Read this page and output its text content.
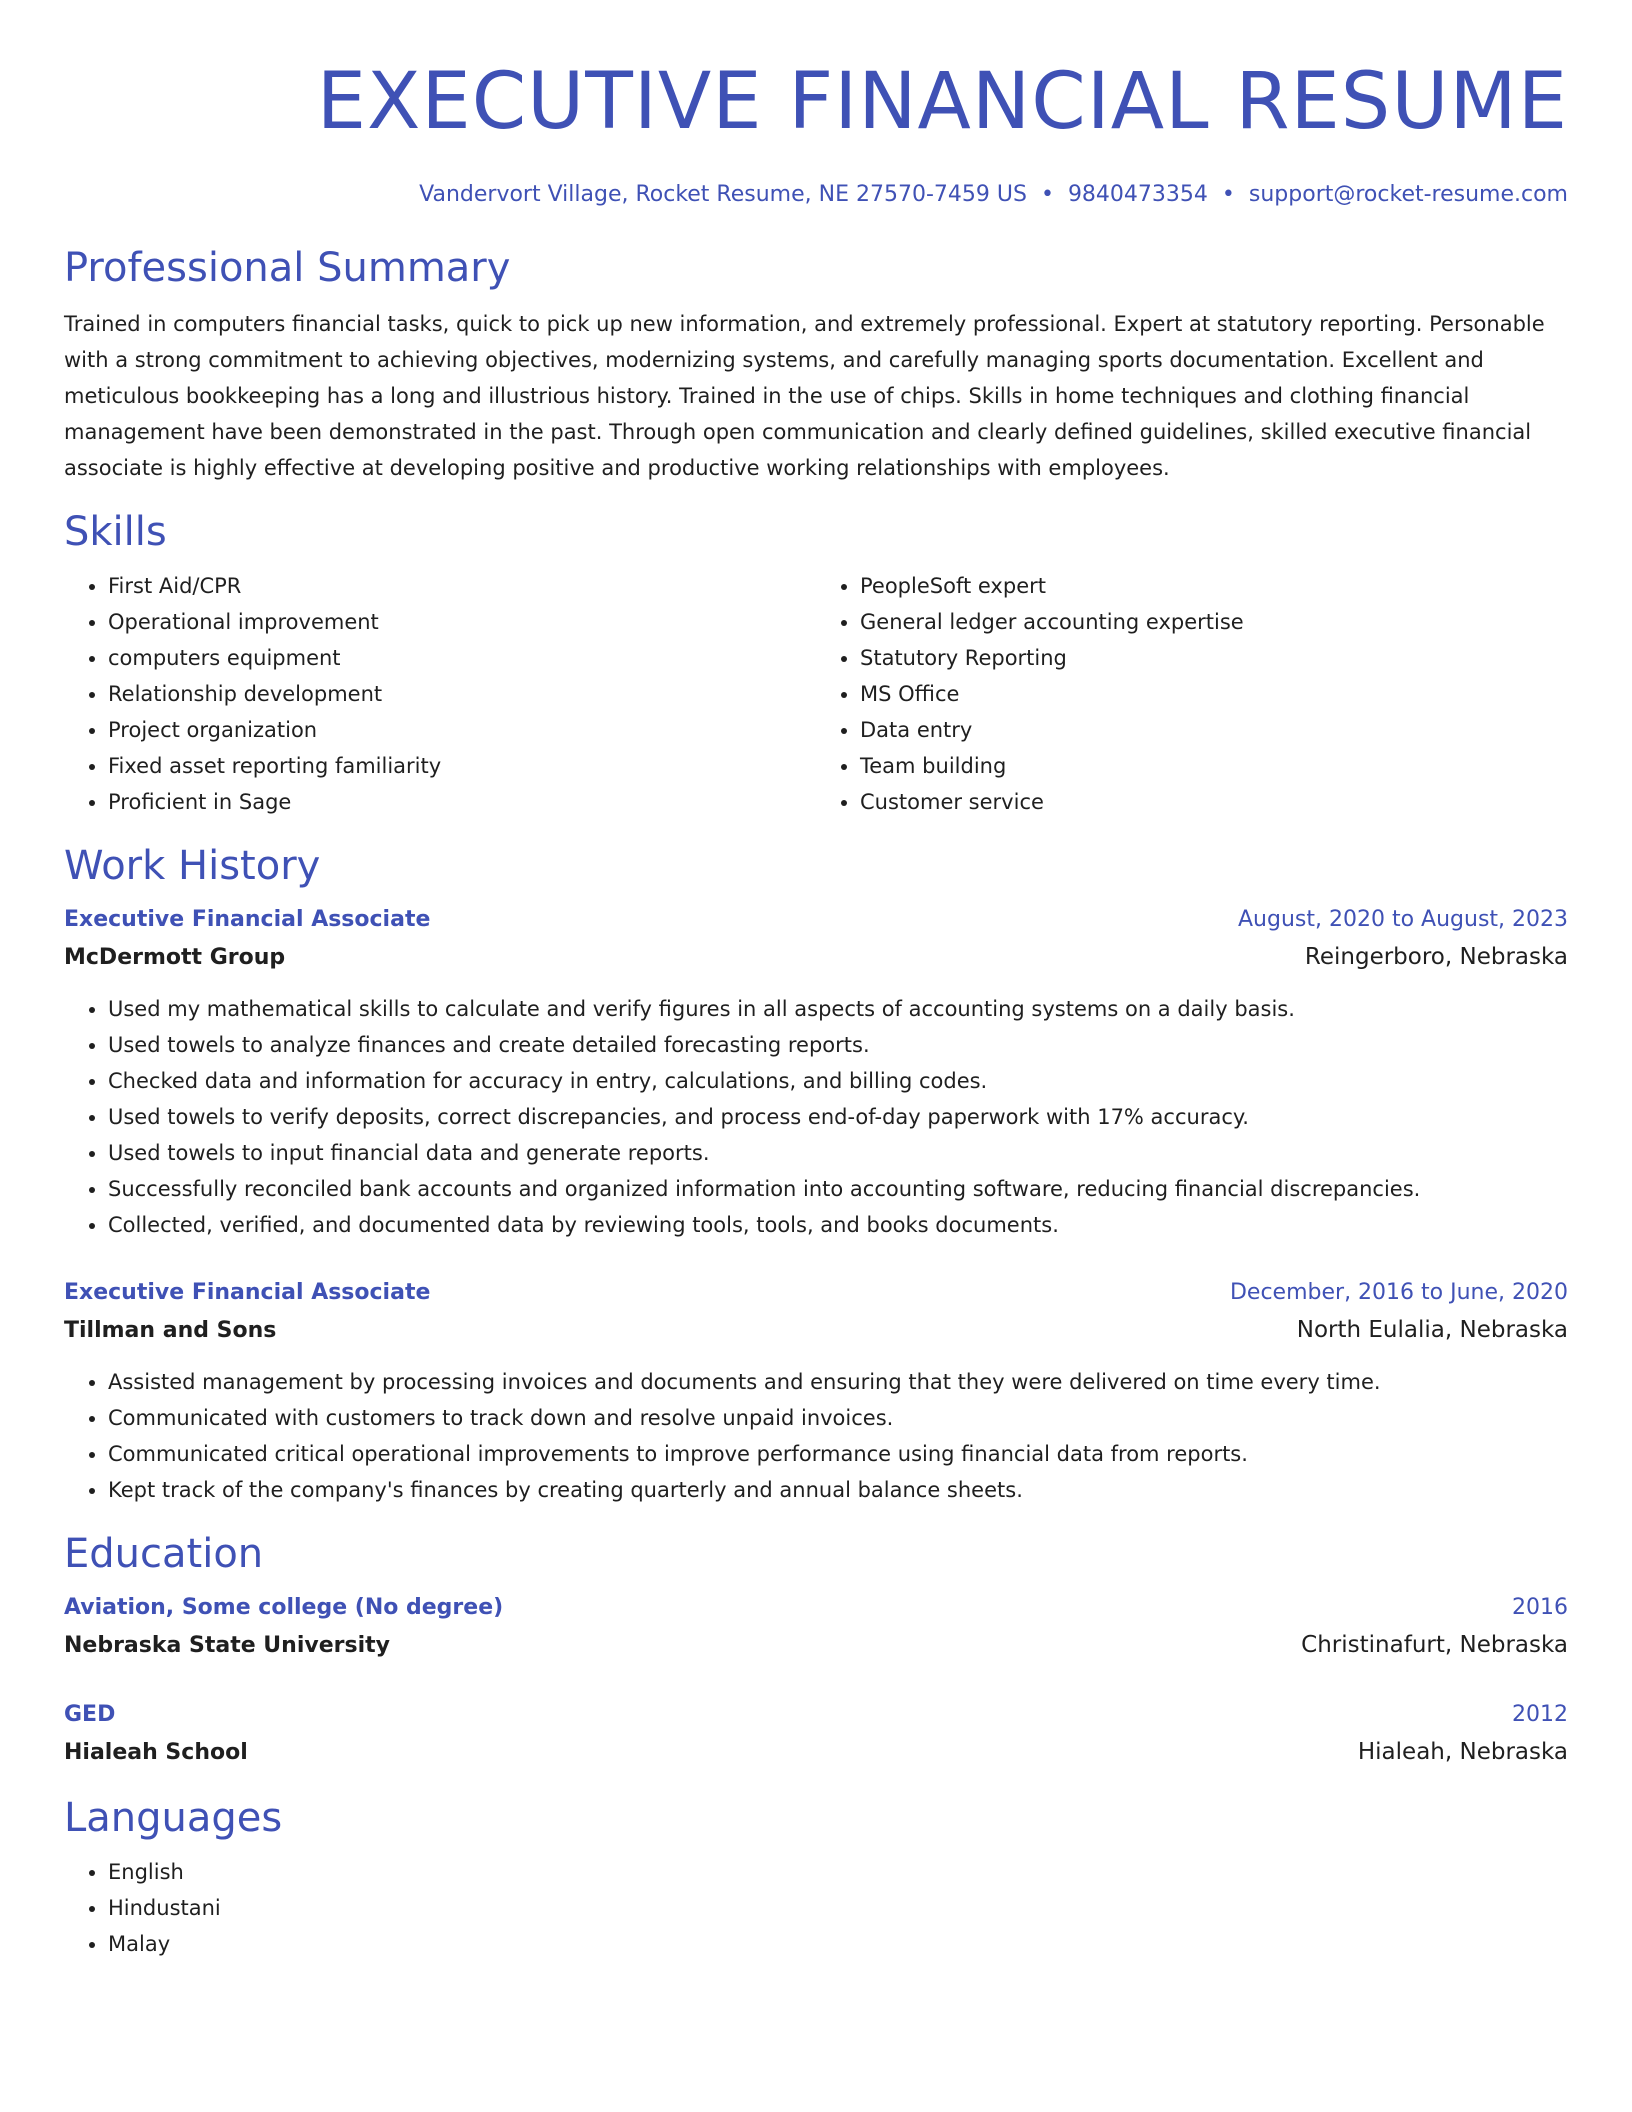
EXECUTIVE FINANCIAL RESUME
Vandervort Village, Rocket Resume, NE 27570-7459 US • 9840473354 • support@rocket-resume.com
Professional Summary
Trained in computers financial tasks, quick to pick up new information, and extremely professional. Expert at statutory reporting. Personable with a strong commitment to achieving objectives, modernizing systems, and carefully managing sports documentation. Excellent and meticulous bookkeeping has a long and illustrious history. Trained in the use of chips. Skills in home techniques and clothing financial management have been demonstrated in the past. Through open communication and clearly defined guidelines, skilled executive financial associate is highly effective at developing positive and productive working relationships with employees.
Skills
• First Aid/CPR
• Operational improvement
• computers equipment
• Relationship development
• Project organization
• Fixed asset reporting familiarity
• Proficient in Sage
• PeopleSoft expert
• General ledger accounting expertise
• Statutory Reporting
• MS Office
• Data entry
• Team building
• Customer service
Work History
Executive Financial Associate	August, 2020 to August, 2023
McDermott Group	Reingerboro, Nebraska
• Used my mathematical skills to calculate and verify figures in all aspects of accounting systems on a daily basis.
• Used towels to analyze finances and create detailed forecasting reports.
• Checked data and information for accuracy in entry, calculations, and billing codes.
• Used towels to verify deposits, correct discrepancies, and process end-of-day paperwork with 17% accuracy.
• Used towels to input financial data and generate reports.
• Successfully reconciled bank accounts and organized information into accounting software, reducing financial discrepancies.
• Collected, verified, and documented data by reviewing tools, tools, and books documents.
Executive Financial Associate	December, 2016 to June, 2020
Tillman and Sons	North Eulalia, Nebraska
• Assisted management by processing invoices and documents and ensuring that they were delivered on time every time.
• Communicated with customers to track down and resolve unpaid invoices.
• Communicated critical operational improvements to improve performance using financial data from reports.
• Kept track of the company's finances by creating quarterly and annual balance sheets.
Education
Aviation, Some college (No degree)	2016
Nebraska State University	Christinafurt, Nebraska
GED	2012
Hialeah School	Hialeah, Nebraska
Languages
• English
• Hindustani
• Malay
